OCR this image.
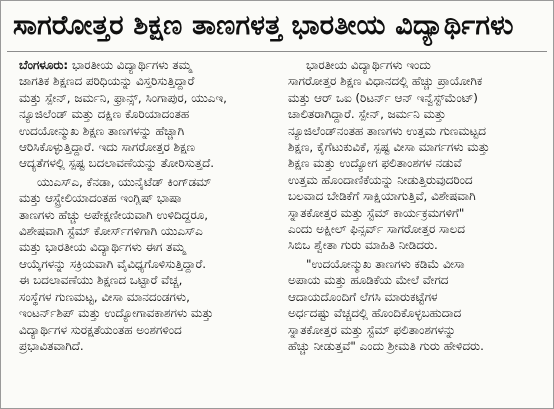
ಸಾಗರೋತ್ತರ ಶಿಕ್ಷಣ ತಾಣಗಳತ್ತ ಭಾರತೀಯ ವಿದ್ಯಾರ್ಥಿಗಳು

ಬೆಂಗಳೂರು: ಭಾರತೀಯ ವಿದ್ಯಾರ್ಥಿಗಳು ತಮ್ಮ
ಜಾಗತಿಕ ಶಿಕ್ಷಣದ ಪರಿಧಿಯನ್ನು ವಿಸ್ತರಿಸುತ್ತಿದ್ದಾರೆ
ಮತ್ತು ಸ್ಪೇನ್, ಜರ್ಮನಿ, ಫ್ರಾನ್ಸ್, ಸಿಂಗಾಪುರ, ಯುಎಇ,
ನ್ಯೂಜಿಲೆಂಡ್ ಮತ್ತು ದಕ್ಷಿಣ ಕೊರಿಯಾದಂತಹ
ಉದಯೋನ್ಮುಖ ಶಿಕ್ಷಣ ತಾಣಗಳನ್ನು ಹೆಚ್ಚಾಗಿ
ಆರಿಸಿಕೊಳ್ಳುತ್ತಿದ್ದಾರೆ. ಇದು ಸಾಗರೋತ್ತರ ಶಿಕ್ಷಣ
ಆದ್ಯತೆಗಳಲ್ಲಿ ಸ್ಪಷ್ಟ ಬದಲಾವಣೆಯನ್ನು ತೋರಿಸುತ್ತದೆ.

ಯುಎಸ್‌ಎ, ಕೆನಡಾ, ಯುನೈಟೆಡ್ ಕಿಂಗ್‌ಡಮ್
ಮತ್ತು ಆಸ್ಟ್ರೇಲಿಯಾದಂತಹ ಇಂಗ್ಲಿಷ್ ಭಾಷಾ
ತಾಣಗಳು ಹೆಚ್ಚು ಅಪೇಕ್ಷಣೀಯವಾಗಿ ಉಳಿದಿದ್ದರೂ,
ವಿಶೇಷವಾಗಿ ಸ್ಟೆಮ್ ಕೋರ್ಸ್‌ಗಳಿಗಾಗಿ ಯುಎಸ್‌ಎ
ಮತ್ತು ಭಾರತೀಯ ವಿದ್ಯಾರ್ಥಿಗಳು ಈಗ ತಮ್ಮ
ಆಯ್ಕೆಗಳನ್ನು ಸಕ್ರಿಯವಾಗಿ ವೈವಿಧ್ಯಗೊಳಿಸುತ್ತಿದ್ದಾರೆ.
ಈ ಬದಲಾವಣೆಯು ಶಿಕ್ಷಣದ ಒಟ್ಟಾರೆ ವೆಚ್ಚ,
ಸಂಸ್ಥೆಗಳ ಗುಣಮಟ್ಟ, ವೀಸಾ ಮಾನದಂಡಗಳು,
ಇಂಟರ್ನ್‌ಶಿಪ್ ಮತ್ತು ಉದ್ಯೋಗಾವಕಾಶಗಳು ಮತ್ತು
ವಿದ್ಯಾರ್ಥಿಗಳ ಸುರಕ್ಷತೆಯಂತಹ ಅಂಶಗಳಿಂದ
ಪ್ರಭಾವಿತವಾಗಿದೆ.

ಭಾರತೀಯ ವಿದ್ಯಾರ್ಥಿಗಳು ಇಂದು
ಸಾಗರೋತ್ತರ ಶಿಕ್ಷಣ ವಿಧಾನದಲ್ಲಿ ಹೆಚ್ಚು ಪ್ರಾಯೋಗಿಕ
ಮತ್ತು ಆರ್ ಒಐ (ರಿಟರ್ನ್ ಆನ್ ಇನ್ವೆಸ್ಟ್‌ಮೆಂಟ್)
ಚಾಲಿತರಾಗಿದ್ದಾರೆ. ಸ್ಪೇನ್, ಜರ್ಮನಿ ಮತ್ತು
ನ್ಯೂಜಿಲೆಂಡ್‌ನಂತಹ ತಾಣಗಳು ಉತ್ತಮ ಗುಣಮಟ್ಟದ
ಶಿಕ್ಷಣ, ಕೈಗೆಟುಕುವಿಕೆ, ಸ್ಪಷ್ಟ ವೀಸಾ ಮಾರ್ಗಗಳು ಮತ್ತು
ಶಿಕ್ಷಣ ಮತ್ತು ಉದ್ಯೋಗ ಫಲಿತಾಂಶಗಳ ನಡುವೆ
ಉತ್ತಮ ಹೊಂದಾಣಿಕೆಯನ್ನು ನೀಡುತ್ತಿರುವುದರಿಂದ
ಬಲವಾದ ಬೇಡಿಕೆಗೆ ಸಾಕ್ಷಿಯಾಗುತ್ತಿವೆ, ವಿಶೇಷವಾಗಿ
ಸ್ನಾತಕೋತ್ತರ ಮತ್ತು ಸ್ಟೆಮ್ ಕಾರ್ಯಕ್ರಮಗಳಿಗೆ"
ಎಂದು ಅಕ್ಷೀಲ್ ಫಿನ್ಸರ್ವ್ ಸಾಗರೋತ್ತರ ಸಾಲದ
ಸಿಬಿಒ ಶ್ವೇತಾ ಗುರು ಮಾಹಿತಿ ನೀಡಿದರು.

"ಉದಯೋನ್ಮುಖ ತಾಣಗಳು ಕಡಿಮೆ ವೀಸಾ
ಅಪಾಯ ಮತ್ತು ಹೂಡಿಕೆಯ ಮೇಲೆ ವೇಗದ
ಆದಾಯದೊಂದಿಗೆ ಲೆಗಸಿ ಮಾರುಕಟ್ಟೆಗಳ
ಅರ್ಧದಷ್ಟು ವೆಚ್ಚದಲ್ಲಿ ಹೊಂದಿಕೊಳ್ಳಬಹುದಾದ
ಸ್ನಾತಕೋತ್ತರ ಮತ್ತು ಸ್ಟೆಮ್ ಫಲಿತಾಂಶಗಳನ್ನು
ಹೆಚ್ಚು ನೀಡುತ್ತವೆ" ಎಂದು ಶ್ರೀಮತಿ ಗುರು ಹೇಳಿದರು.
